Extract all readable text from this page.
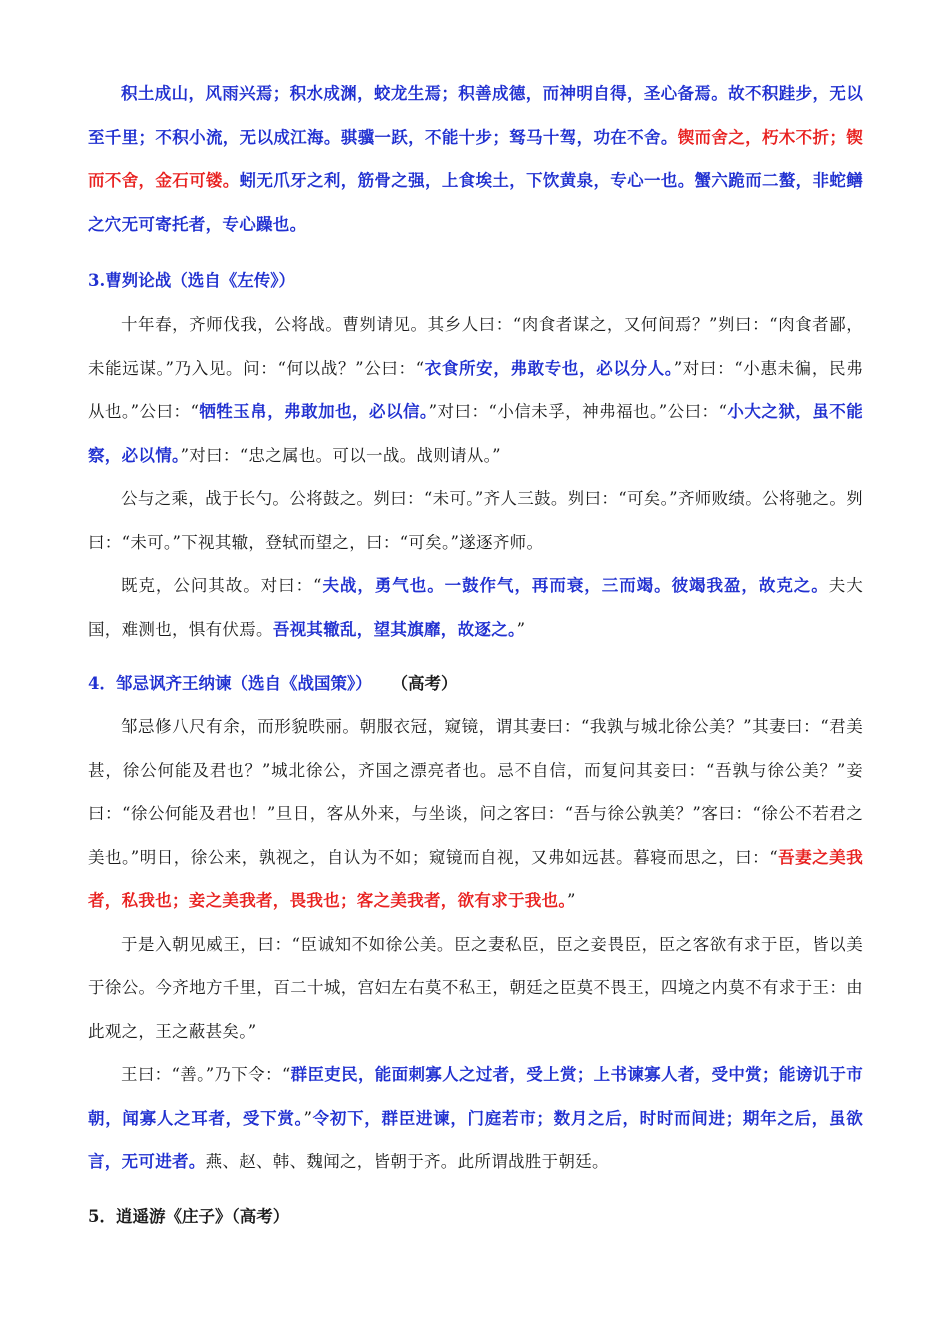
积土成山，风雨兴焉；积水成渊，蛟龙生焉；积善成德，而神明自得，圣心备焉。故不积跬步，无以至千里；不积小流，无以成江海。骐骥一跃，不能十步；驽马十驾，功在不舍。锲而舍之，朽木不折；锲而不舍，金石可镂。蚓无爪牙之利，筋骨之强，上食埃土，下饮黄泉，专心一也。蟹六跪而二螯，非蛇鳝之穴无可寄托者，专心躁也。

3.曹刿论战（选自《左传》）

十年春，齐师伐我，公将战。曹刿请见。其乡人曰：“肉食者谋之，又何间焉？”刿曰：“肉食者鄙，未能远谋。”乃入见。问：“何以战？”公曰：“衣食所安，弗敢专也，必以分人。”对曰：“小惠未徧，民弗从也。”公曰：“牺牲玉帛，弗敢加也，必以信。”对曰：“小信未孚，神弗福也。”公曰：“小大之狱，虽不能察，必以情。”对曰：“忠之属也。可以一战。战则请从。”

公与之乘，战于长勺。公将鼓之。刿曰：“未可。”齐人三鼓。刿曰：“可矣。”齐师败绩。公将驰之。刿曰：“未可。”下视其辙，登轼而望之，曰：“可矣。”遂逐齐师。

既克，公问其故。对曰：“夫战，勇气也。一鼓作气，再而衰，三而竭。彼竭我盈，故克之。夫大国，难测也，惧有伏焉。吾视其辙乱，望其旗靡，故逐之。”

4．邹忌讽齐王纳谏（选自《战国策》） （高考）

邹忌修八尺有余，而形貌昳丽。朝服衣冠，窥镜，谓其妻曰：“我孰与城北徐公美？”其妻曰：“君美甚，徐公何能及君也？”城北徐公，齐国之漂亮者也。忌不自信，而复问其妾曰：“吾孰与徐公美？”妾曰：“徐公何能及君也！”旦日，客从外来，与坐谈，问之客曰：“吾与徐公孰美？”客曰：“徐公不若君之美也。”明日，徐公来，孰视之，自认为不如；窥镜而自视，又弗如远甚。暮寝而思之，曰：“吾妻之美我者，私我也；妾之美我者，畏我也；客之美我者，欲有求于我也。”

于是入朝见威王，曰：“臣诚知不如徐公美。臣之妻私臣，臣之妾畏臣，臣之客欲有求于臣，皆以美于徐公。今齐地方千里，百二十城，宫妇左右莫不私王，朝廷之臣莫不畏王，四境之内莫不有求于王：由此观之，王之蔽甚矣。”

王曰：“善。”乃下令：“群臣吏民，能面刺寡人之过者，受上赏；上书谏寡人者，受中赏；能谤讥于市朝，闻寡人之耳者，受下赏。”令初下，群臣进谏，门庭若市；数月之后，时时而间进；期年之后，虽欲言，无可进者。燕、赵、韩、魏闻之，皆朝于齐。此所谓战胜于朝廷。

5．逍遥游《庄子》（高考）
